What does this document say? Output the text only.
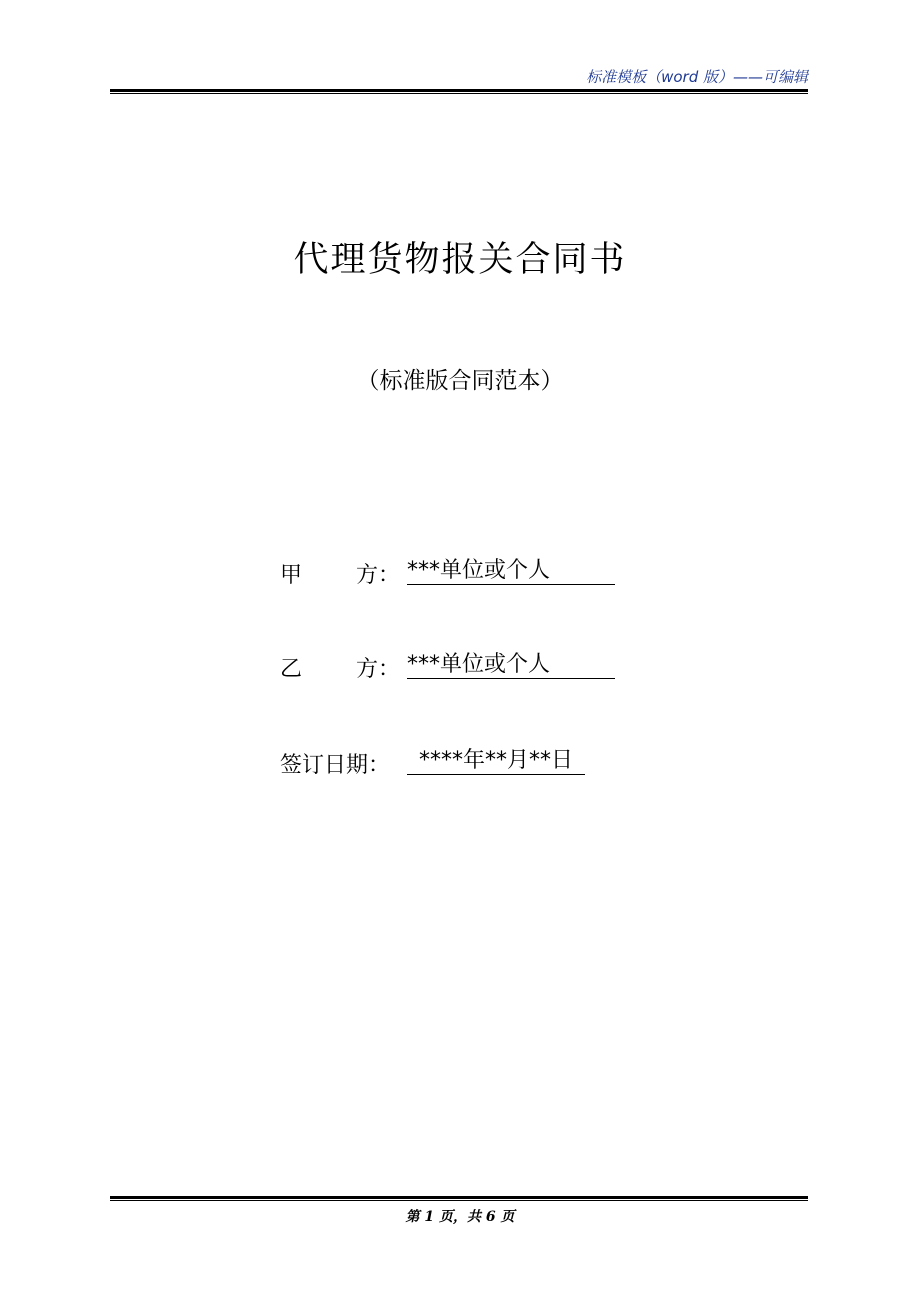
标准模板（word 版）——可编辑
代理货物报关合同书
（标准版合同范本）
甲 方： ***单位或个人
乙 方： ***单位或个人
签订日期：	****年**月**日
第 1 页，共 6 页
